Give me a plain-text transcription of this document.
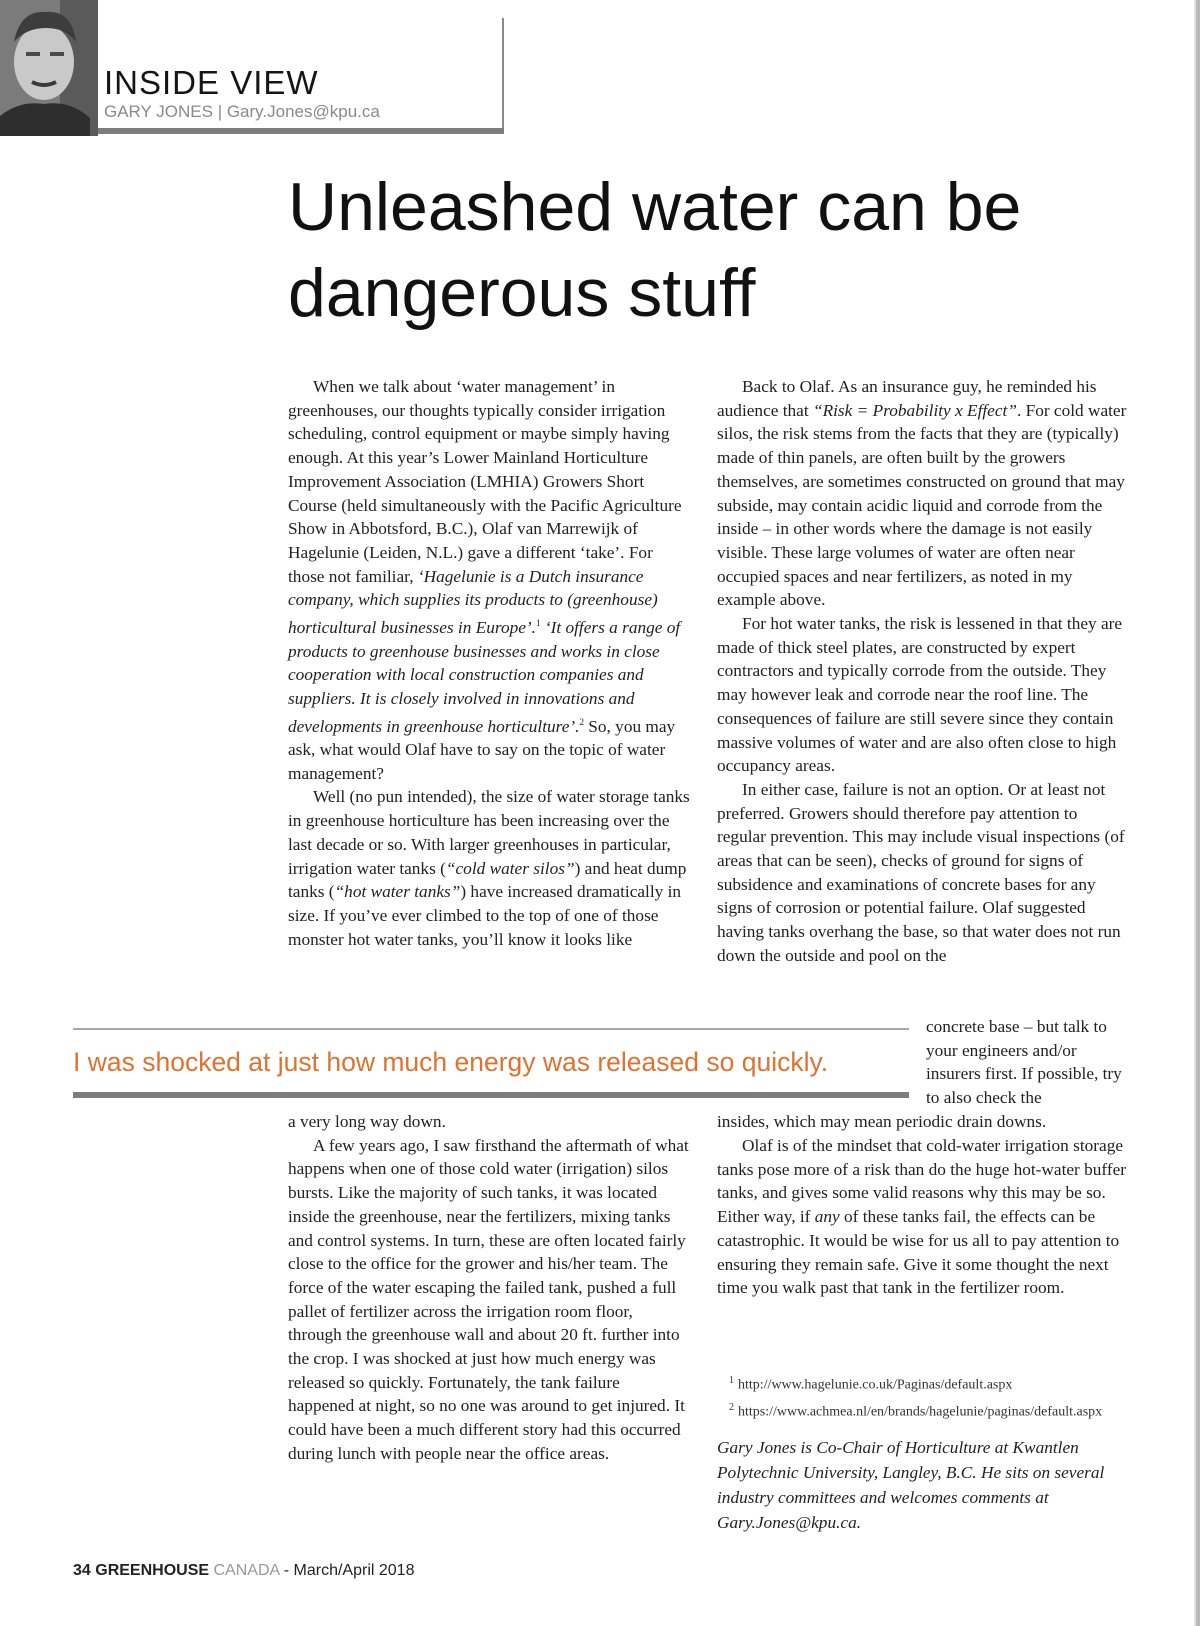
INSIDE VIEW
GARY JONES | Gary.Jones@kpu.ca
Unleashed water can be dangerous stuff

When we talk about ‘water management’ in greenhouses, our thoughts typically consider irrigation scheduling, control equipment or maybe simply having enough. At this year’s Lower Mainland Horticulture Improvement Association (LMHIA) Growers Short Course (held simultaneously with the Pacific Agriculture Show in Abbotsford, B.C.), Olaf van Marrewijk of Hagelunie (Leiden, N.L.) gave a different ‘take’. For those not familiar, ‘Hagelunie is a Dutch insurance company, which supplies its products to (greenhouse) horticultural businesses in Europe’.$^1$ ‘It offers a range of products to greenhouse businesses and works in close cooperation with local construction companies and suppliers. It is closely involved in innovations and developments in greenhouse horticulture’.$^2$ So, you may ask, what would Olaf have to say on the topic of water management?

Well (no pun intended), the size of water storage tanks in greenhouse horticulture has been increasing over the last decade or so. With larger greenhouses in particular, irrigation water tanks (“cold water silos”) and heat dump tanks (“hot water tanks”) have increased dramatically in size. If you’ve ever climbed to the top of one of those monster hot water tanks, you’ll know it looks like

I was shocked at just how much energy was released so quickly.

a very long way down.

A few years ago, I saw firsthand the aftermath of what happens when one of those cold water (irrigation) silos bursts. Like the majority of such tanks, it was located inside the greenhouse, near the fertilizers, mixing tanks and control systems. In turn, these are often located fairly close to the office for the grower and his/her team. The force of the water escaping the failed tank, pushed a full pallet of fertilizer across the irrigation room floor, through the greenhouse wall and about 20 ft. further into the crop. I was shocked at just how much energy was released so quickly. Fortunately, the tank failure happened at night, so no one was around to get injured. It could have been a much different story had this occurred during lunch with people near the office areas.

Back to Olaf. As an insurance guy, he reminded his audience that “Risk = Probability x Effect”. For cold water silos, the risk stems from the facts that they are (typically) made of thin panels, are often built by the growers themselves, are sometimes constructed on ground that may subside, may contain acidic liquid and corrode from the inside – in other words where the damage is not easily visible. These large volumes of water are often near occupied spaces and near fertilizers, as noted in my example above.

For hot water tanks, the risk is lessened in that they are made of thick steel plates, are constructed by expert contractors and typically corrode from the outside. They may however leak and corrode near the roof line. The consequences of failure are still severe since they contain massive volumes of water and are also often close to high occupancy areas.

In either case, failure is not an option. Or at least not preferred. Growers should therefore pay attention to regular prevention. This may include visual inspections (of areas that can be seen), checks of ground for signs of subsidence and examinations of concrete bases for any signs of corrosion or potential failure. Olaf suggested having tanks overhang the base, so that water does not run down the outside and pool on the

concrete base – but talk to your engineers and/or insurers first. If possible, try to also check the

insides, which may mean periodic drain downs.

Olaf is of the mindset that cold-water irrigation storage tanks pose more of a risk than do the huge hot-water buffer tanks, and gives some valid reasons why this may be so. Either way, if any of these tanks fail, the effects can be catastrophic. It would be wise for us all to pay attention to ensuring they remain safe. Give it some thought the next time you walk past that tank in the fertilizer room.

$^1$ http://www.hagelunie.co.uk/Paginas/default.aspx
$^2$ https://www.achmea.nl/en/brands/hagelunie/paginas/default.aspx
Gary Jones is Co-Chair of Horticulture at Kwantlen Polytechnic University, Langley, B.C. He sits on several industry committees and welcomes comments at Gary.Jones@kpu.ca.
34 GREENHOUSE CANADA - March/April 2018
